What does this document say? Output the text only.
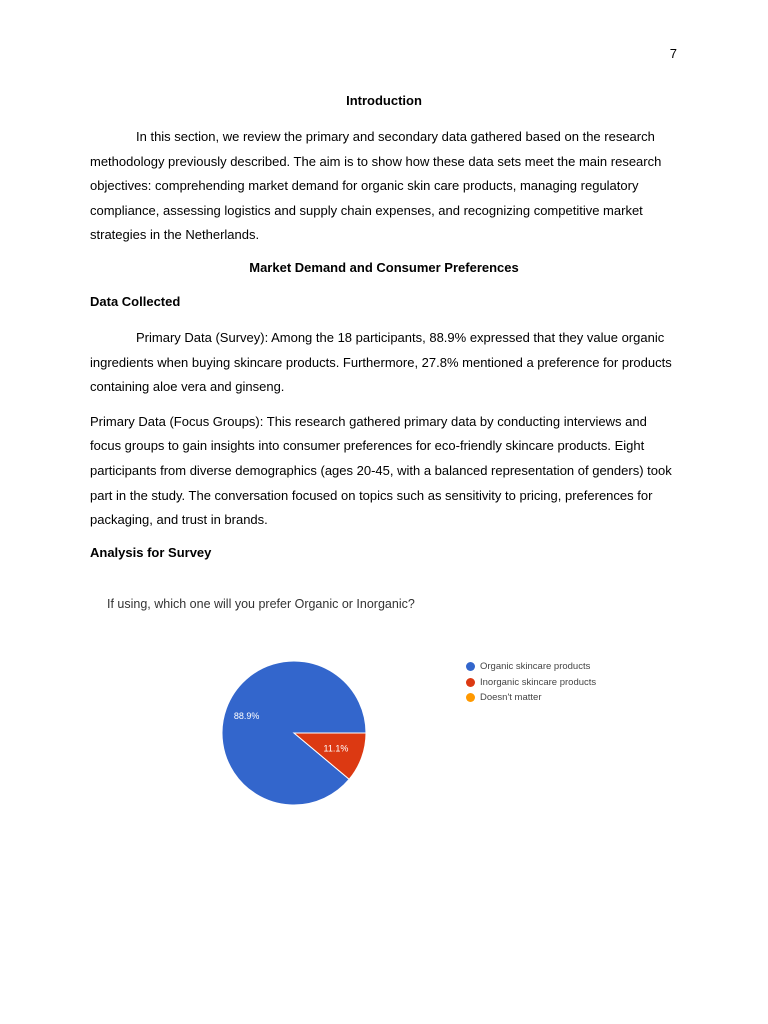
7

Introduction

In this section, we review the primary and secondary data gathered based on the research methodology previously described. The aim is to show how these data sets meet the main research objectives: comprehending market demand for organic skin care products, managing regulatory compliance, assessing logistics and supply chain expenses, and recognizing competitive market strategies in the Netherlands.

Market Demand and Consumer Preferences

Data Collected

Primary Data (Survey): Among the 18 participants, 88.9% expressed that they value organic ingredients when buying skincare products. Furthermore, 27.8% mentioned a preference for products containing aloe vera and ginseng.

Primary Data (Focus Groups): This research gathered primary data by conducting interviews and focus groups to gain insights into consumer preferences for eco-friendly skincare products. Eight participants from diverse demographics (ages 20-45, with a balanced representation of genders) took part in the study. The conversation focused on topics such as sensitivity to pricing, preferences for packaging, and trust in brands.

Analysis for Survey

If using, which one will you prefer Organic or Inorganic?
88.9%
11.1%
Organic skincare products
Inorganic skincare products
Doesn't matter
